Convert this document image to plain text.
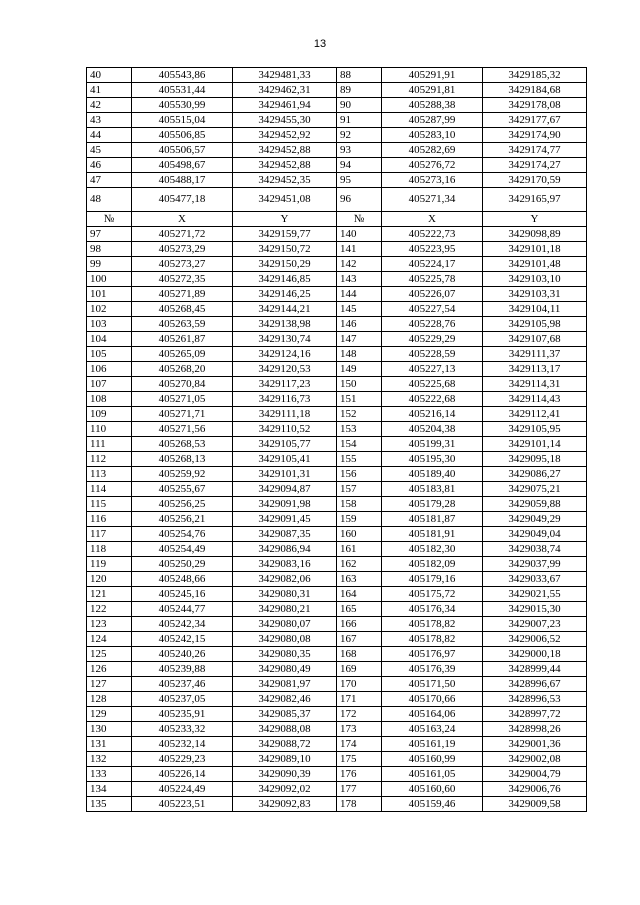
13
40	405543,86	3429481,33	88	405291,91	3429185,32
41	405531,44	3429462,31	89	405291,81	3429184,68
42	405530,99	3429461,94	90	405288,38	3429178,08
43	405515,04	3429455,30	91	405287,99	3429177,67
44	405506,85	3429452,92	92	405283,10	3429174,90
45	405506,57	3429452,88	93	405282,69	3429174,77
46	405498,67	3429452,88	94	405276,72	3429174,27
47	405488,17	3429452,35	95	405273,16	3429170,59
48	405477,18	3429451,08	96	405271,34	3429165,97
№	X	Y	№	X	Y
97	405271,72	3429159,77	140	405222,73	3429098,89
98	405273,29	3429150,72	141	405223,95	3429101,18
99	405273,27	3429150,29	142	405224,17	3429101,48
100	405272,35	3429146,85	143	405225,78	3429103,10
101	405271,89	3429146,25	144	405226,07	3429103,31
102	405268,45	3429144,21	145	405227,54	3429104,11
103	405263,59	3429138,98	146	405228,76	3429105,98
104	405261,87	3429130,74	147	405229,29	3429107,68
105	405265,09	3429124,16	148	405228,59	3429111,37
106	405268,20	3429120,53	149	405227,13	3429113,17
107	405270,84	3429117,23	150	405225,68	3429114,31
108	405271,05	3429116,73	151	405222,68	3429114,43
109	405271,71	3429111,18	152	405216,14	3429112,41
110	405271,56	3429110,52	153	405204,38	3429105,95
111	405268,53	3429105,77	154	405199,31	3429101,14
112	405268,13	3429105,41	155	405195,30	3429095,18
113	405259,92	3429101,31	156	405189,40	3429086,27
114	405255,67	3429094,87	157	405183,81	3429075,21
115	405256,25	3429091,98	158	405179,28	3429059,88
116	405256,21	3429091,45	159	405181,87	3429049,29
117	405254,76	3429087,35	160	405181,91	3429049,04
118	405254,49	3429086,94	161	405182,30	3429038,74
119	405250,29	3429083,16	162	405182,09	3429037,99
120	405248,66	3429082,06	163	405179,16	3429033,67
121	405245,16	3429080,31	164	405175,72	3429021,55
122	405244,77	3429080,21	165	405176,34	3429015,30
123	405242,34	3429080,07	166	405178,82	3429007,23
124	405242,15	3429080,08	167	405178,82	3429006,52
125	405240,26	3429080,35	168	405176,97	3429000,18
126	405239,88	3429080,49	169	405176,39	3428999,44
127	405237,46	3429081,97	170	405171,50	3428996,67
128	405237,05	3429082,46	171	405170,66	3428996,53
129	405235,91	3429085,37	172	405164,06	3428997,72
130	405233,32	3429088,08	173	405163,24	3428998,26
131	405232,14	3429088,72	174	405161,19	3429001,36
132	405229,23	3429089,10	175	405160,99	3429002,08
133	405226,14	3429090,39	176	405161,05	3429004,79
134	405224,49	3429092,02	177	405160,60	3429006,76
135	405223,51	3429092,83	178	405159,46	3429009,58
